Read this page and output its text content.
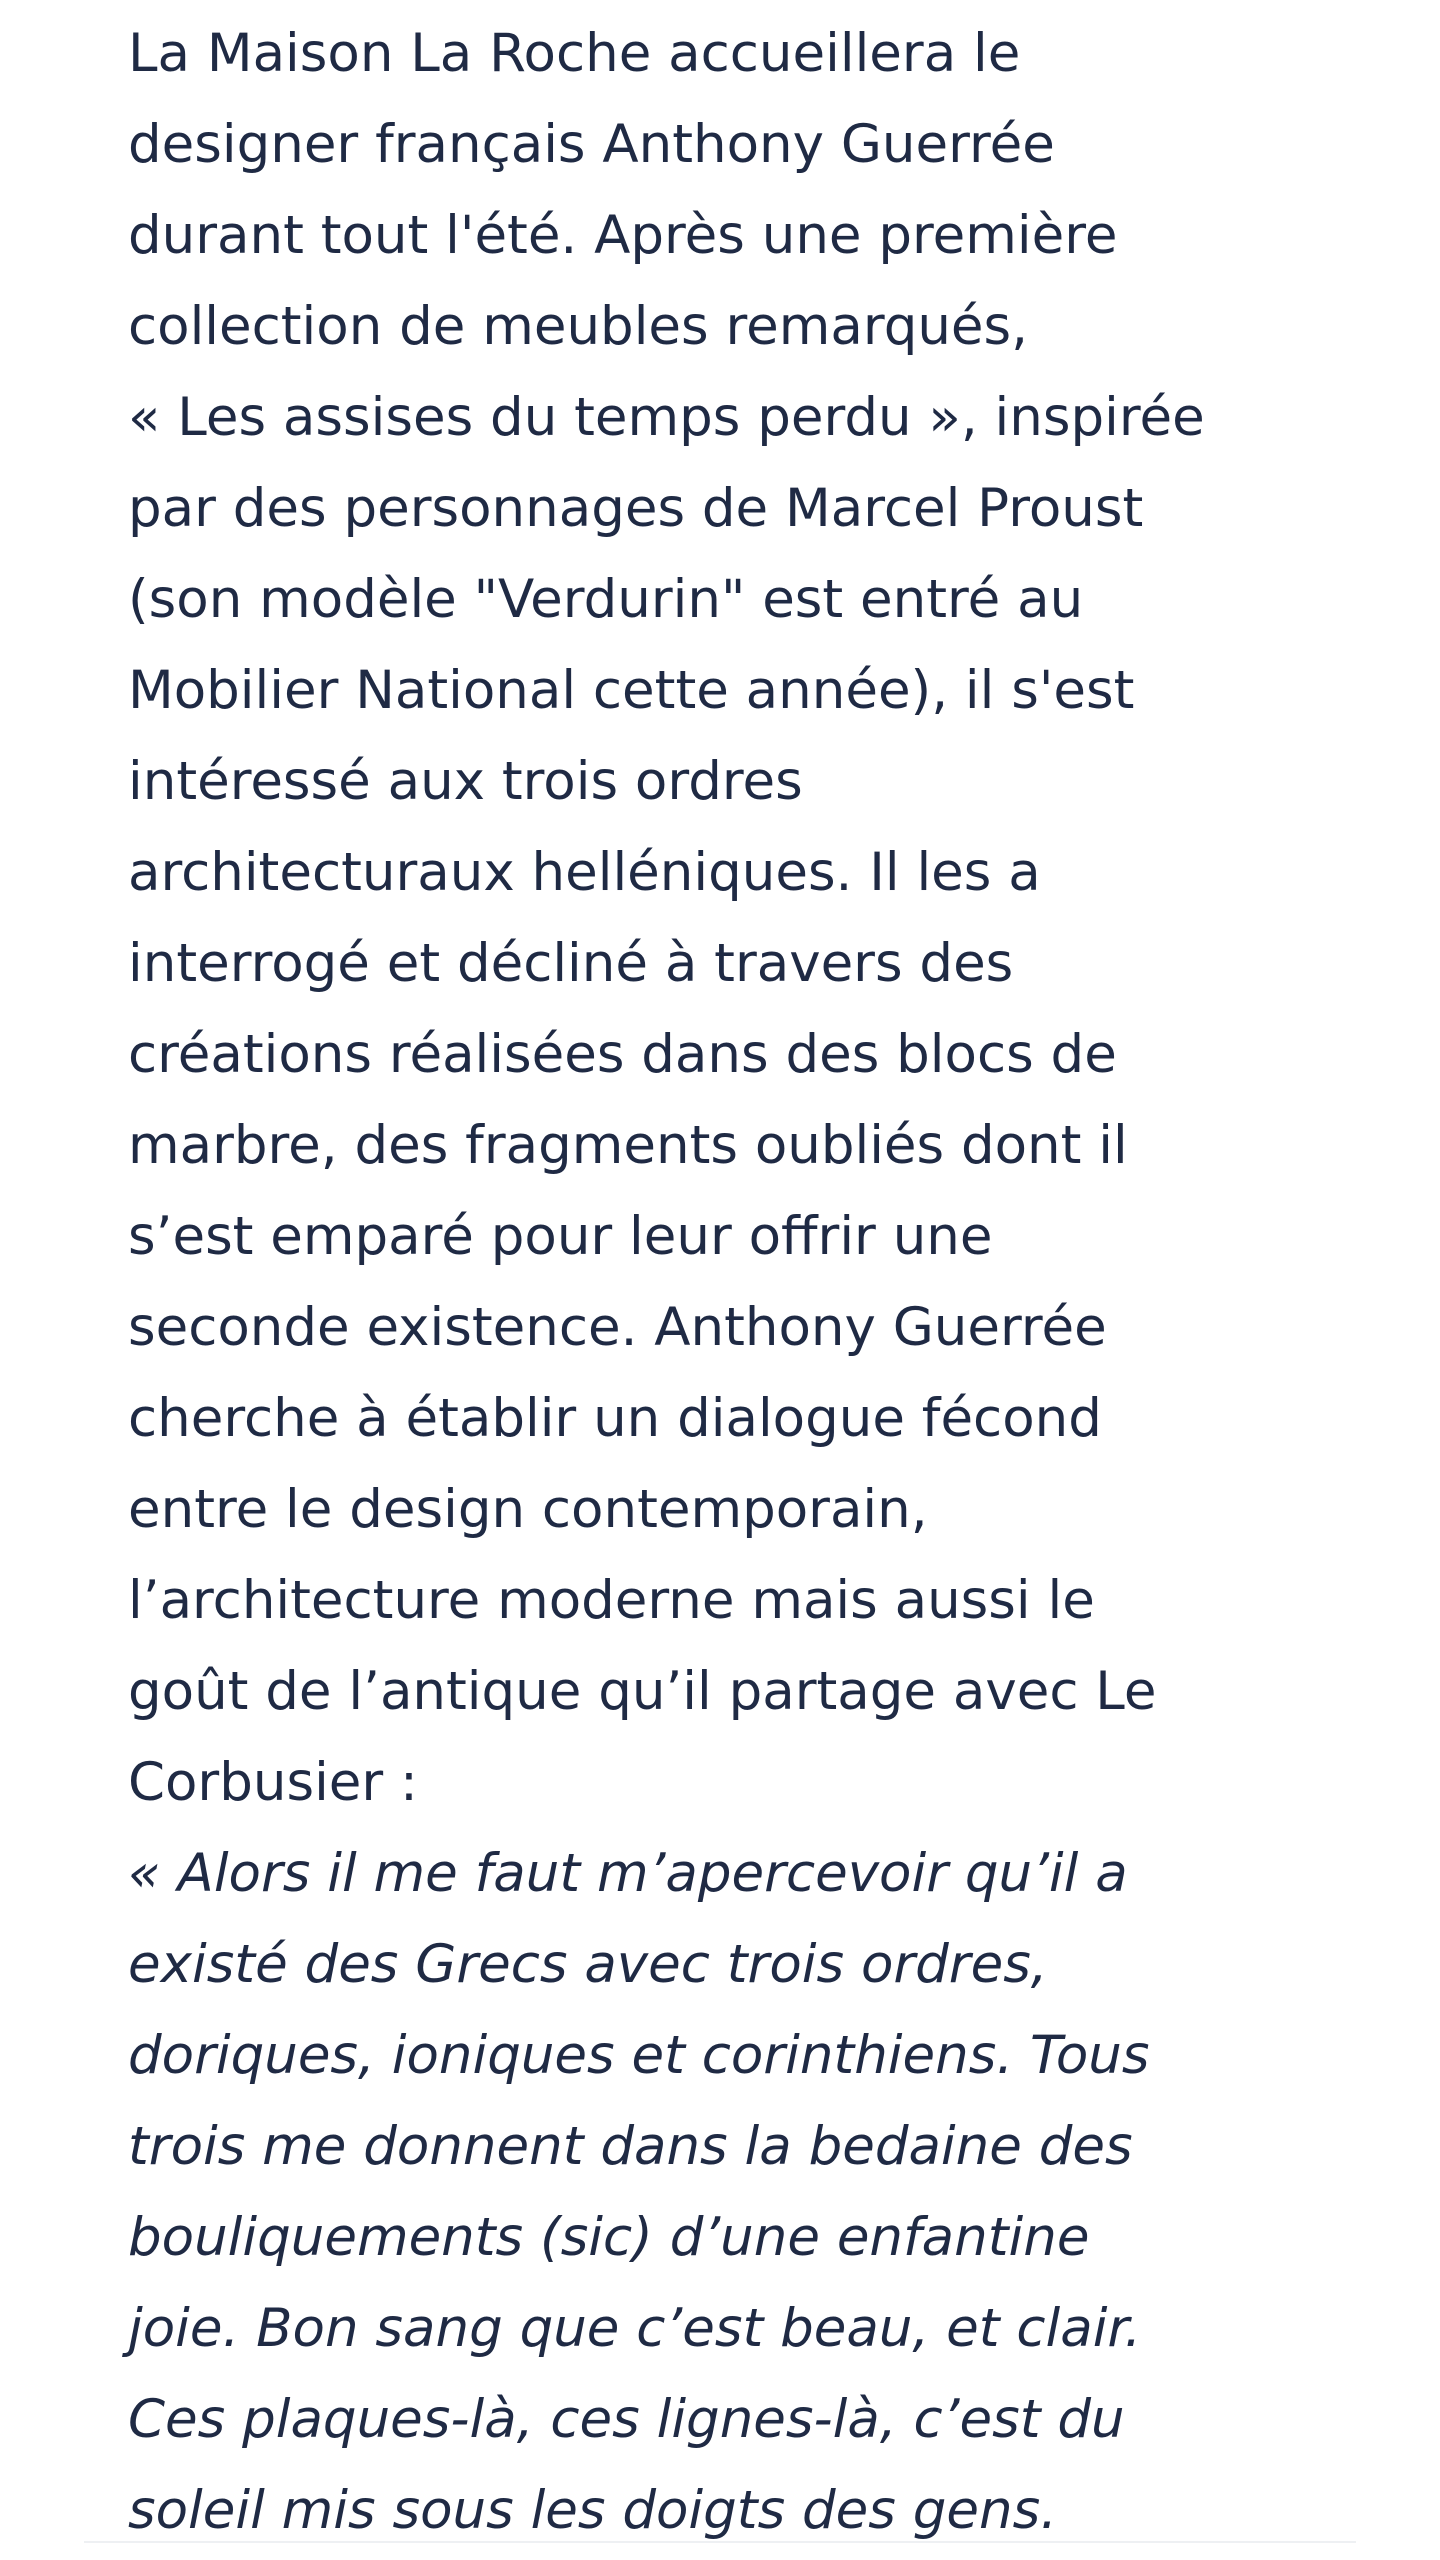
La Maison La Roche accueillera le
designer français Anthony Guerrée
durant tout l'été. Après une première
collection de meubles remarqués,
« Les assises du temps perdu », inspirée
par des personnages de Marcel Proust
(son modèle "Verdurin" est entré au
Mobilier National cette année), il s'est
intéressé aux trois ordres
architecturaux helléniques. Il les a
interrogé et décliné à travers des
créations réalisées dans des blocs de
marbre, des fragments oubliés dont il
s’est emparé pour leur offrir une
seconde existence. Anthony Guerrée
cherche à établir un dialogue fécond
entre le design contemporain,
l’architecture moderne mais aussi le
goût de l’antique qu’il partage avec Le
Corbusier :
« Alors il me faut m’apercevoir qu’il a
existé des Grecs avec trois ordres,
doriques, ioniques et corinthiens. Tous
trois me donnent dans la bedaine des
bouliquements (sic) d’une enfantine
joie. Bon sang que c’est beau, et clair.
Ces plaques-là, ces lignes-là, c’est du
soleil mis sous les doigts des gens.
